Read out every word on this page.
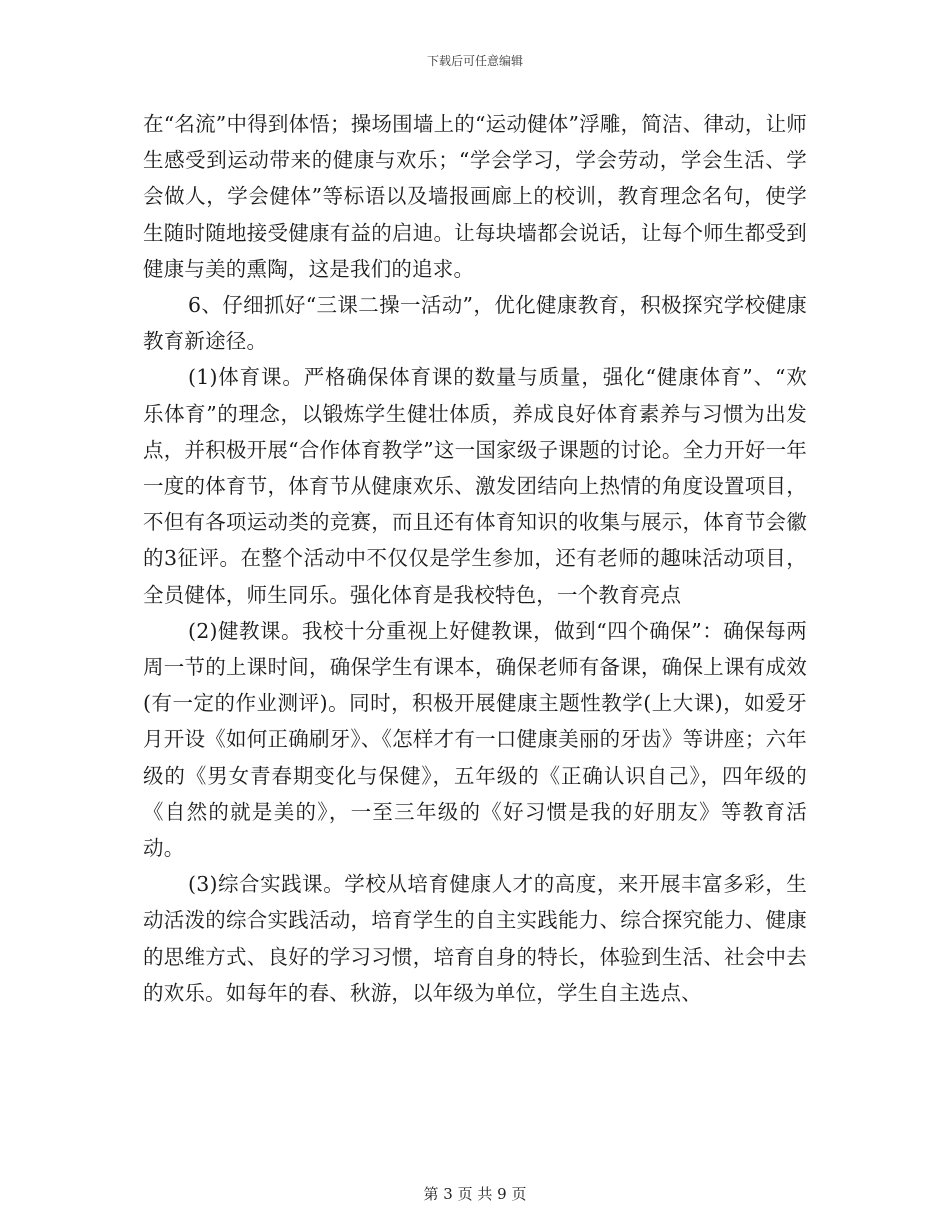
下载后可任意编辑

在“名流”中得到体悟；操场围墙上的“运动健体”浮雕，简洁、律动，让师生感受到运动带来的健康与欢乐；“学会学习，学会劳动，学会生活、学会做人，学会健体”等标语以及墙报画廊上的校训，教育理念名句，使学生随时随地接受健康有益的启迪。让每块墙都会说话，让每个师生都受到健康与美的熏陶，这是我们的追求。

6、仔细抓好“三课二操一活动”，优化健康教育，积极探究学校健康教育新途径。

(1)体育课。严格确保体育课的数量与质量，强化“健康体育”、“欢乐体育”的理念，以锻炼学生健壮体质，养成良好体育素养与习惯为出发点，并积极开展“合作体育教学”这一国家级子课题的讨论。全力开好一年一度的体育节，体育节从健康欢乐、激发团结向上热情的角度设置项目，不但有各项运动类的竞赛，而且还有体育知识的收集与展示，体育节会徽的3征评。在整个活动中不仅仅是学生参加，还有老师的趣味活动项目，全员健体，师生同乐。强化体育是我校特色，一个教育亮点

(2)健教课。我校十分重视上好健教课，做到“四个确保”：确保每两周一节的上课时间，确保学生有课本，确保老师有备课，确保上课有成效(有一定的作业测评)。同时，积极开展健康主题性教学(上大课)，如爱牙月开设《如何正确刷牙》、《怎样才有一口健康美丽的牙齿》等讲座；六年级的《男女青春期变化与保健》，五年级的《正确认识自己》，四年级的《自然的就是美的》，一至三年级的《好习惯是我的好朋友》等教育活动。

(3)综合实践课。学校从培育健康人才的高度，来开展丰富多彩，生动活泼的综合实践活动，培育学生的自主实践能力、综合探究能力、健康的思维方式、良好的学习习惯，培育自身的特长，体验到生活、社会中去的欢乐。如每年的春、秋游，以年级为单位，学生自主选点、

第 3 页 共 9 页
